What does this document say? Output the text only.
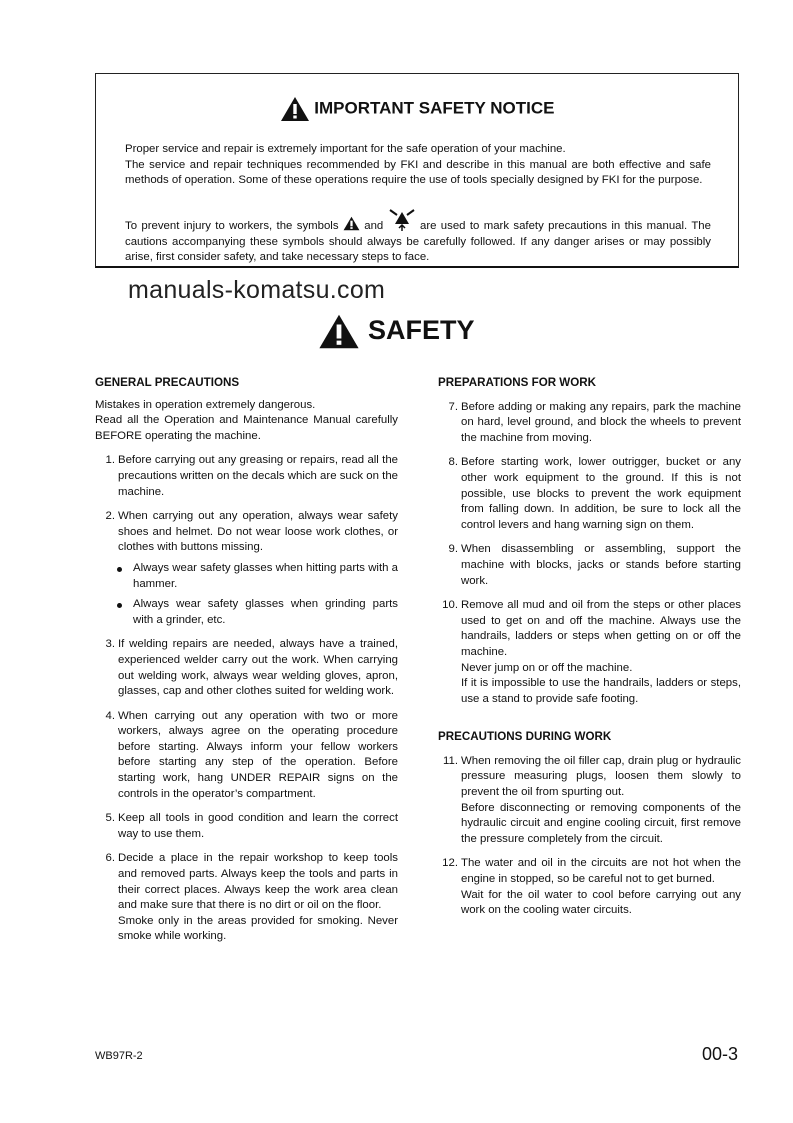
IMPORTANT SAFETY NOTICE
Proper service and repair is extremely important for the safe operation of your machine.
The service and repair techniques recommended by FKI and describe in this manual are both effective and safe methods of operation. Some of these operations require the use of tools specially designed by FKI for the purpose.
To prevent injury to workers, the symbols and	are used to mark safety precautions in this manual. The cautions accompanying these symbols should always be carefully followed. If any danger arises or may possibly arise, first consider safety, and take necessary steps to face.
manuals-komatsu.com
SAFETY
GENERAL PRECAUTIONS
Mistakes in operation extremely dangerous.
Read all the Operation and Maintenance Manual carefully BEFORE operating the machine.
1. Before carrying out any greasing or repairs, read all the precautions written on the decals which are suck on the machine.
2. When carrying out any operation, always wear safety shoes and helmet. Do not wear loose work clothes, or clothes with buttons missing.
Always wear safety glasses when hitting parts with a hammer.
Always wear safety glasses when grinding parts with a grinder, etc.
3. If welding repairs are needed, always have a trained, experienced welder carry out the work. When carrying out welding work, always wear welding gloves, apron, glasses, cap and other clothes suited for welding work.
4. When carrying out any operation with two or more workers, always agree on the operating procedure before starting. Always inform your fellow workers before starting any step of the operation. Before starting work, hang UNDER REPAIR signs on the controls in the operator’s compartment.
5. Keep all tools in good condition and learn the correct way to use them.
6. Decide a place in the repair workshop to keep tools and removed parts. Always keep the tools and parts in their correct places. Always keep the work area clean and make sure that there is no dirt or oil on the floor.
Smoke only in the areas provided for smoking. Never smoke while working.
PREPARATIONS FOR WORK
7. Before adding or making any repairs, park the machine on hard, level ground, and block the wheels to prevent the machine from moving.
8. Before starting work, lower outrigger, bucket or any other work equipment to the ground. If this is not possible, use blocks to prevent the work equipment from falling down. In addition, be sure to lock all the control levers and hang warning sign on them.
9. When disassembling or assembling, support the machine with blocks, jacks or stands before starting work.
10. Remove all mud and oil from the steps or other places used to get on and off the machine. Always use the handrails, ladders or steps when getting on or off the machine.
Never jump on or off the machine.
If it is impossible to use the handrails, ladders or steps, use a stand to provide safe footing.
PRECAUTIONS DURING WORK
11. When removing the oil filler cap, drain plug or hydraulic pressure measuring plugs, loosen them slowly to prevent the oil from spurting out.
Before disconnecting or removing components of the hydraulic circuit and engine cooling circuit, first remove the pressure completely from the circuit.
12. The water and oil in the circuits are not hot when the engine in stopped, so be careful not to get burned.
Wait for the oil water to cool before carrying out any work on the cooling water circuits.
WB97R-2	00-3
